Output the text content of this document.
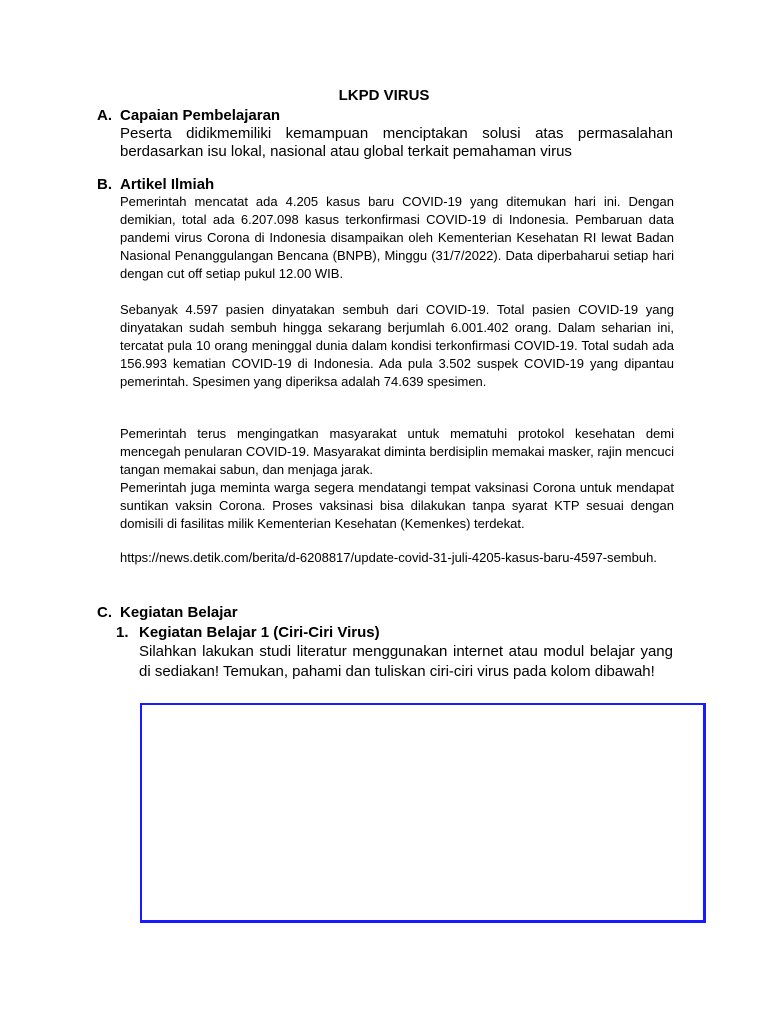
LKPD VIRUS
A. Capaian Pembelajaran
Peserta didikmemiliki kemampuan menciptakan solusi atas permasalahan berdasarkan isu lokal, nasional atau global terkait pemahaman virus
B. Artikel Ilmiah
Pemerintah mencatat ada 4.205 kasus baru COVID-19 yang ditemukan hari ini. Dengan demikian, total ada 6.207.098 kasus terkonfirmasi COVID-19 di Indonesia. Pembaruan data pandemi virus Corona di Indonesia disampaikan oleh Kementerian Kesehatan RI lewat Badan Nasional Penanggulangan Bencana (BNPB), Minggu (31/7/2022). Data diperbaharui setiap hari dengan cut off setiap pukul 12.00 WIB.
Sebanyak 4.597 pasien dinyatakan sembuh dari COVID-19. Total pasien COVID-19 yang dinyatakan sudah sembuh hingga sekarang berjumlah 6.001.402 orang. Dalam seharian ini, tercatat pula 10 orang meninggal dunia dalam kondisi terkonfirmasi COVID-19. Total sudah ada 156.993 kematian COVID-19 di Indonesia. Ada pula 3.502 suspek COVID-19 yang dipantau pemerintah. Spesimen yang diperiksa adalah 74.639 spesimen.
Pemerintah terus mengingatkan masyarakat untuk mematuhi protokol kesehatan demi mencegah penularan COVID-19. Masyarakat diminta berdisiplin memakai masker, rajin mencuci tangan memakai sabun, dan menjaga jarak.
Pemerintah juga meminta warga segera mendatangi tempat vaksinasi Corona untuk mendapat suntikan vaksin Corona. Proses vaksinasi bisa dilakukan tanpa syarat KTP sesuai dengan domisili di fasilitas milik Kementerian Kesehatan (Kemenkes) terdekat.
https://news.detik.com/berita/d-6208817/update-covid-31-juli-4205-kasus-baru-4597-sembuh.
C. Kegiatan Belajar
1. Kegiatan Belajar 1 (Ciri-Ciri Virus)
Silahkan lakukan studi literatur menggunakan internet atau modul belajar yang di sediakan! Temukan, pahami dan tuliskan ciri-ciri virus pada kolom dibawah!
